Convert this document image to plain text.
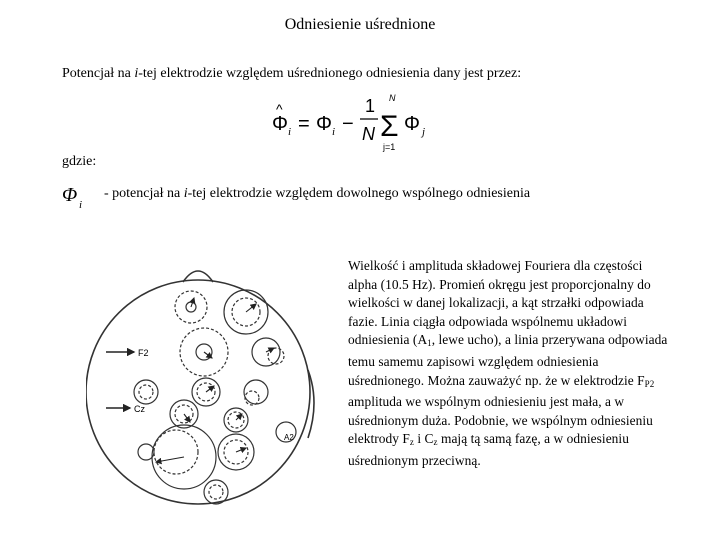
Odniesienie uśrednione
Potencjał na i-tej elektrodzie względem uśrednionego odniesienia dany jest przez:
Φ
^
i = Φ i −
1
N
N
Σ
j=1
Φ j
gdzie:
Φ i
- potencjał na i-tej elektrodzie względem dowolnego wspólnego odniesienia
Wielkość i amplituda składowej Fouriera dla częstości alpha (10.5 Hz). Promień okręgu jest proporcjonalny do wielkości w danej lokalizacji, a kąt strzałki odpowiada fazie. Linia ciągła odpowiada wspólnemu układowi odniesienia ($A_1$, lewe ucho), a linia przerywana odpowiada temu samemu zapisowi względem odniesienia uśrednionego. Można zauważyć np. że w elektrodzie $F_{P2}$ amplituda we wspólnym odniesieniu jest mała, a w uśrednionym duża. Podobnie, we wspólnym odniesieniu elektrody $F_z$ i $C_z$ mają tą samą fazę, a w odniesieniu uśrednionym przeciwną.
F2
Cz
A2
